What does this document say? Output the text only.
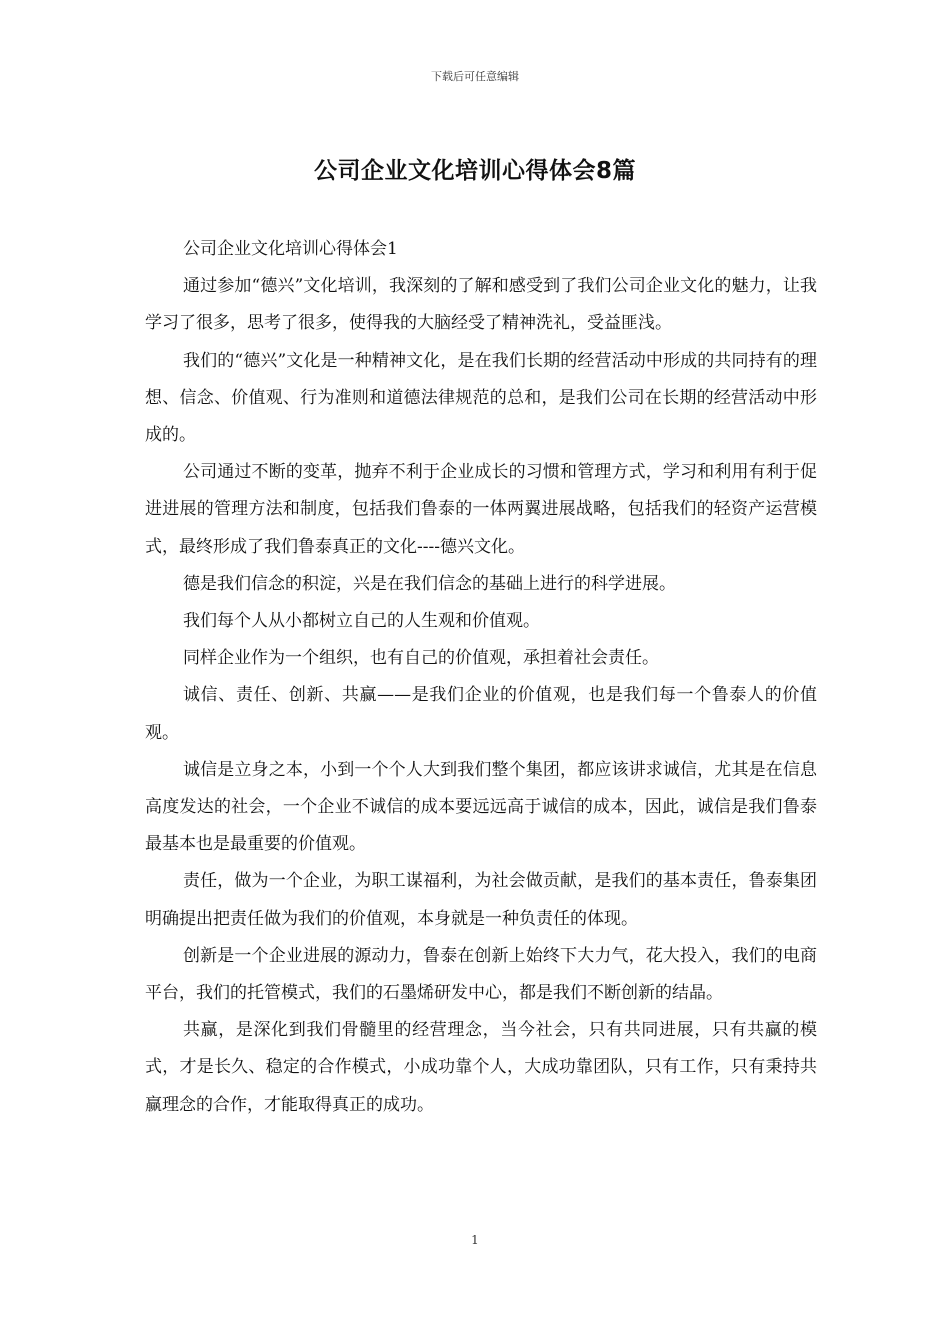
下载后可任意编辑
公司企业文化培训心得体会8篇

公司企业文化培训心得体会1

通过参加“德兴”文化培训，我深刻的了解和感受到了我们公司企业文化的魅力，让我学习了很多，思考了很多，使得我的大脑经受了精神洗礼，受益匪浅。

我们的“德兴”文化是一种精神文化，是在我们长期的经营活动中形成的共同持有的理想、信念、价值观、行为准则和道德法律规范的总和，是我们公司在长期的经营活动中形成的。

公司通过不断的变革，抛弃不利于企业成长的习惯和管理方式，学习和利用有利于促进进展的管理方法和制度，包括我们鲁泰的一体两翼进展战略，包括我们的轻资产运营模式，最终形成了我们鲁泰真正的文化----德兴文化。

德是我们信念的积淀，兴是在我们信念的基础上进行的科学进展。

我们每个人从小都树立自己的人生观和价值观。

同样企业作为一个组织，也有自己的价值观，承担着社会责任。

诚信、责任、创新、共赢——是我们企业的价值观，也是我们每一个鲁泰人的价值观。

诚信是立身之本，小到一个个人大到我们整个集团，都应该讲求诚信，尤其是在信息高度发达的社会，一个企业不诚信的成本要远远高于诚信的成本，因此，诚信是我们鲁泰最基本也是最重要的价值观。

责任，做为一个企业，为职工谋福利，为社会做贡献，是我们的基本责任，鲁泰集团明确提出把责任做为我们的价值观，本身就是一种负责任的体现。

创新是一个企业进展的源动力，鲁泰在创新上始终下大力气，花大投入，我们的电商平台，我们的托管模式，我们的石墨烯研发中心，都是我们不断创新的结晶。

共赢，是深化到我们骨髓里的经营理念，当今社会，只有共同进展，只有共赢的模式，才是长久、稳定的合作模式，小成功靠个人，大成功靠团队，只有工作，只有秉持共赢理念的合作，才能取得真正的成功。

1
